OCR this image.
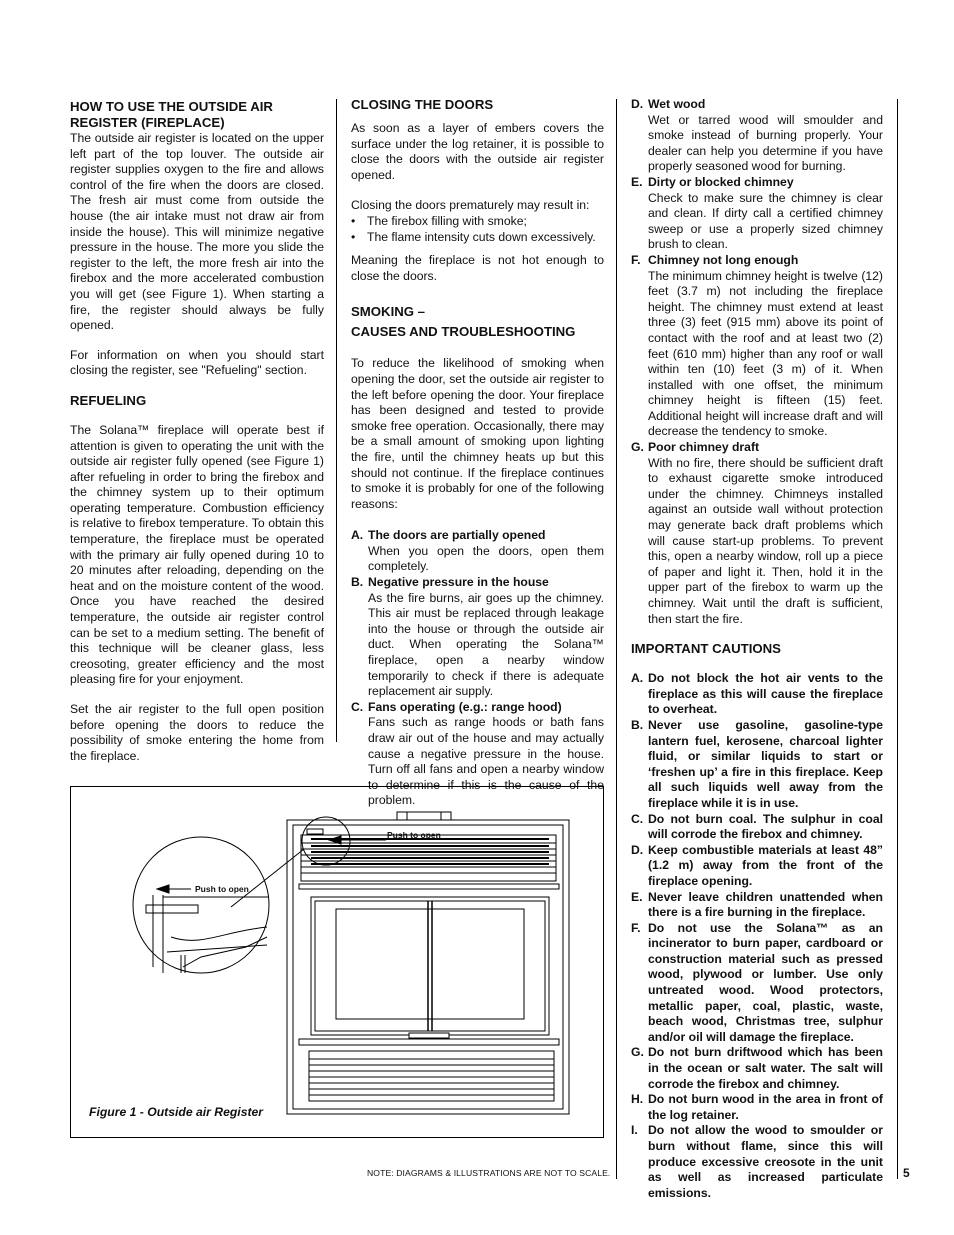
HOW TO USE THE OUTSIDE AIR REGISTER (FIREPLACE)

The outside air register is located on the upper left part of the top louver. The outside air register supplies oxygen to the fire and allows control of the fire when the doors are closed. The fresh air must come from outside the house (the air intake must not draw air from inside the house). This will minimize negative pressure in the house. The more you slide the register to the left, the more fresh air into the firebox and the more accelerated combustion you will get (see Figure 1). When starting a fire, the register should always be fully opened.

For information on when you should start closing the register, see "Refueling" section.

REFUELING

The Solana™ fireplace will operate best if attention is given to operating the unit with the outside air register fully opened (see Figure 1) after refueling in order to bring the firebox and the chimney system up to their optimum operating temperature. Combustion efficiency is relative to firebox temperature. To obtain this temperature, the fireplace must be operated with the primary air fully opened during 10 to 20 minutes after reloading, depending on the heat and on the moisture content of the wood. Once you have reached the desired temperature, the outside air register control can be set to a medium setting. The benefit of this technique will be cleaner glass, less creosoting, greater efficiency and the most pleasing fire for your enjoyment.

Set the air register to the full open position before opening the doors to reduce the possibility of smoke entering the home from the fireplace.

CLOSING THE DOORS

As soon as a layer of embers covers the surface under the log retainer, it is possible to close the doors with the outside air register opened.

Closing the doors prematurely may result in:

• The firebox filling with smoke;
• The flame intensity cuts down excessively.

Meaning the fireplace is not hot enough to close the doors.

SMOKING –
CAUSES AND TROUBLESHOOTING

To reduce the likelihood of smoking when opening the door, set the outside air register to the left before opening the door. Your fireplace has been designed and tested to provide smoke free operation. Occasionally, there may be a small amount of smoking upon lighting the fire, until the chimney heats up but this should not continue. If the fireplace continues to smoke it is probably for one of the following reasons:

A. The doors are partially opened
When you open the doors, open them completely.
B. Negative pressure in the house
As the fire burns, air goes up the chimney. This air must be replaced through leakage into the house or through the outside air duct. When operating the Solana™ fireplace, open a nearby window temporarily to check if there is adequate replacement air supply.
C. Fans operating (e.g.: range hood)
Fans such as range hoods or bath fans draw air out of the house and may actually cause a negative pressure in the house. Turn off all fans and open a nearby window to determine if this is the cause of the problem.
D. Wet wood
Wet or tarred wood will smoulder and smoke instead of burning properly. Your dealer can help you determine if you have properly seasoned wood for burning.
E. Dirty or blocked chimney
Check to make sure the chimney is clear and clean. If dirty call a certified chimney sweep or use a properly sized chimney brush to clean.
F. Chimney not long enough
The minimum chimney height is twelve (12) feet (3.7 m) not including the fireplace height. The chimney must extend at least three (3) feet (915 mm) above its point of contact with the roof and at least two (2) feet (610 mm) higher than any roof or wall within ten (10) feet (3 m) of it. When installed with one offset, the minimum chimney height is fifteen (15) feet. Additional height will increase draft and will decrease the tendency to smoke.
G. Poor chimney draft
With no fire, there should be sufficient draft to exhaust cigarette smoke introduced under the chimney. Chimneys installed against an outside wall without protection may generate back draft problems which will cause start-up problems. To prevent this, open a nearby window, roll up a piece of paper and light it. Then, hold it in the upper part of the firebox to warm up the chimney. Wait until the draft is sufficient, then start the fire.
IMPORTANT CAUTIONS
A. Do not block the hot air vents to the fireplace as this will cause the fireplace to overheat.
B. Never use gasoline, gasoline-type lantern fuel, kerosene, charcoal lighter fluid, or similar liquids to start or ‘freshen up’ a fire in this fireplace. Keep all such liquids well away from the fireplace while it is in use.
C. Do not burn coal. The sulphur in coal will corrode the firebox and chimney.
D. Keep combustible materials at least 48” (1.2 m) away from the front of the fireplace opening.
E. Never leave children unattended when there is a fire burning in the fireplace.
F. Do not use the Solana™ as an incinerator to burn paper, cardboard or construction material such as pressed wood, plywood or lumber. Use only untreated wood. Wood protectors, metallic paper, coal, plastic, waste, beach wood, Christmas tree, sulphur and/or oil will damage the fireplace.
G. Do not burn driftwood which has been in the ocean or salt water. The salt will corrode the firebox and chimney.
H. Do not burn wood in the area in front of the log retainer.
I. Do not allow the wood to smoulder or burn without flame, since this will produce excessive creosote in the unit as well as increased particulate emissions.
Push to open
Push to open
Figure 1 - Outside air Register
NOTE: DIAGRAMS & ILLUSTRATIONS ARE NOT TO SCALE.	5
